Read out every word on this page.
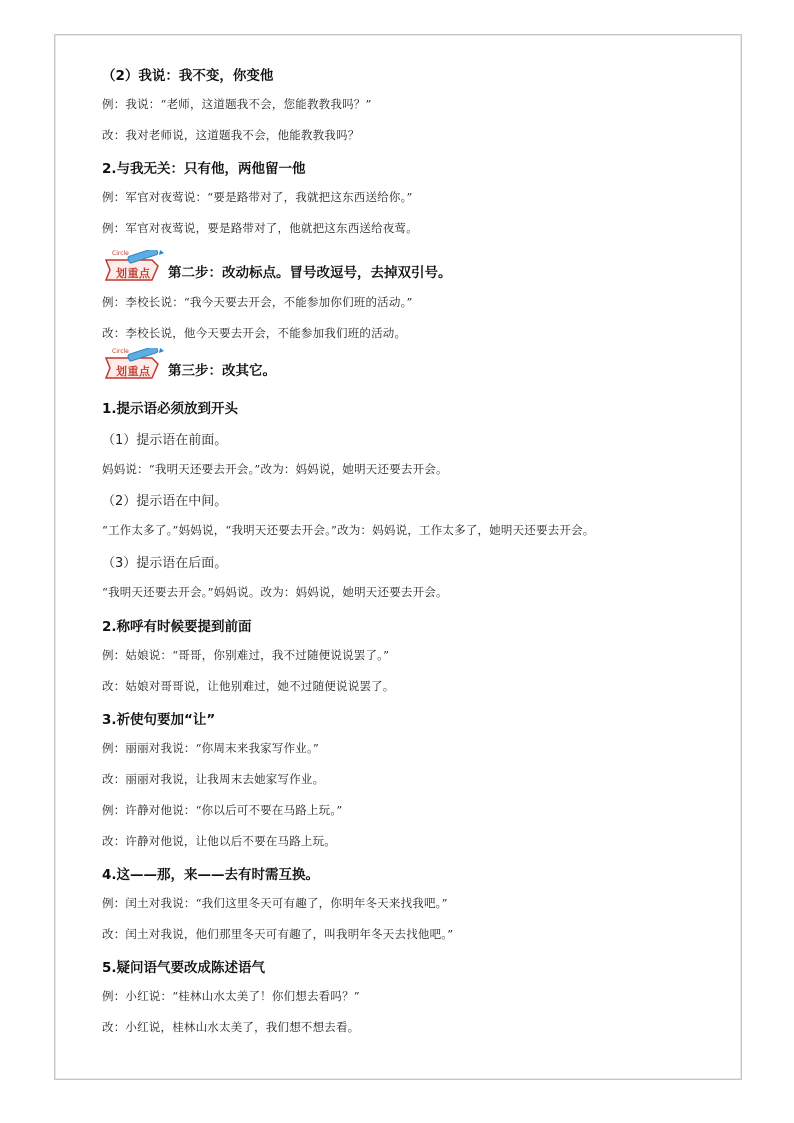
（2）我说：我不变，你变他
例：我说：“老师，这道题我不会，您能教教我吗？”
改：我对老师说，这道题我不会，他能教教我吗？
2.与我无关：只有他，两他留一他
例：军官对夜莺说：“要是路带对了，我就把这东西送给你。”
例：军官对夜莺说，要是路带对了，他就把这东西送给夜莺。
Circle
划重点 第二步：改动标点。冒号改逗号，去掉双引号。
例：李校长说：“我今天要去开会，不能参加你们班的活动。”
改：李校长说，他今天要去开会，不能参加我们班的活动。
Circle
划重点 第三步：改其它。
1.提示语必须放到开头
（1）提示语在前面。
妈妈说：“我明天还要去开会。”改为：妈妈说，她明天还要去开会。
（2）提示语在中间。
“工作太多了。”妈妈说，“我明天还要去开会。”改为：妈妈说，工作太多了，她明天还要去开会。
（3）提示语在后面。
“我明天还要去开会。”妈妈说。改为：妈妈说，她明天还要去开会。
2.称呼有时候要提到前面
例：姑娘说：“哥哥，你别难过，我不过随便说说罢了。”
改：姑娘对哥哥说，让他别难过，她不过随便说说罢了。
3.祈使句要加“让”
例：丽丽对我说：“你周末来我家写作业。”
改：丽丽对我说，让我周末去她家写作业。
例：许静对他说：“你以后可不要在马路上玩。”
改：许静对他说，让他以后不要在马路上玩。
4.这——那，来——去有时需互换。
例：闰土对我说：“我们这里冬天可有趣了，你明年冬天来找我吧。”
改：闰土对我说，他们那里冬天可有趣了，叫我明年冬天去找他吧。”
5.疑问语气要改成陈述语气
例：小红说：“桂林山水太美了！你们想去看吗？”
改：小红说，桂林山水太美了，我们想不想去看。
